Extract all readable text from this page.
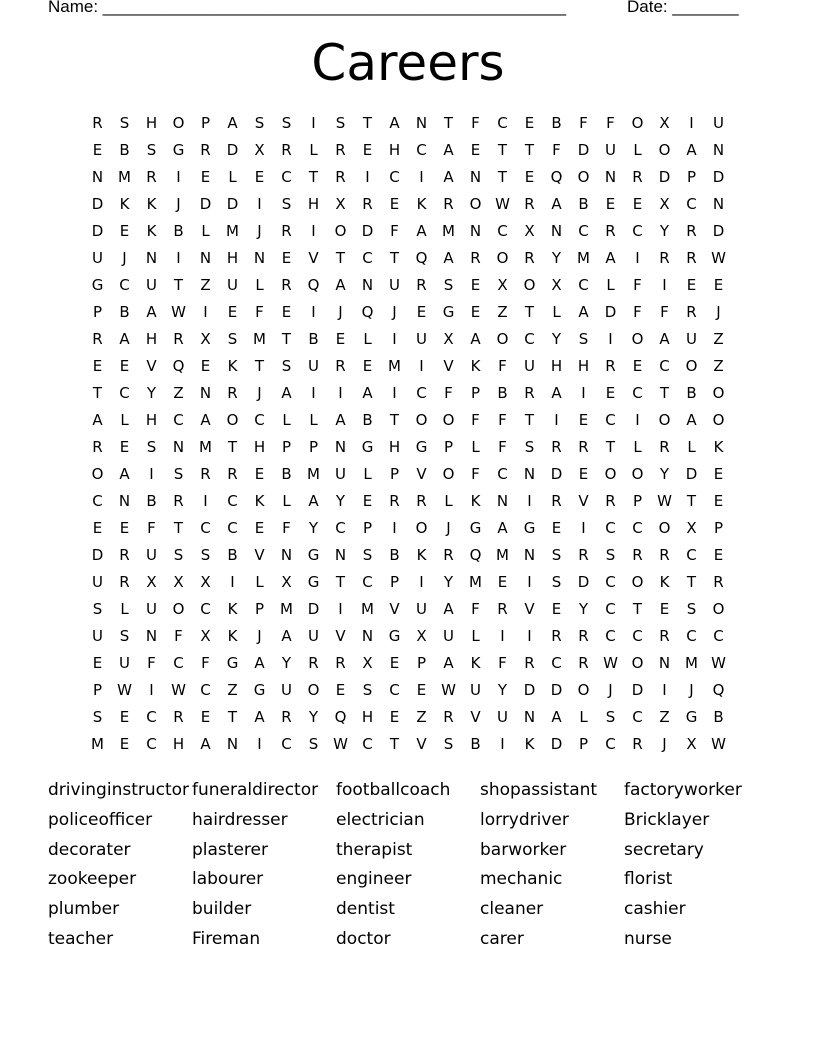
Name: _________________________________________________	Date: _______
Careers
R	S	H	O	P	A	S	S	I	S	T	A	N	T	F	C	E	B	F	F	O	X	I	U
E	B	S	G	R	D	X	R	L	R	E	H	C	A	E	T	T	F	D	U	L	O	A	N
N M	R	I	E	L	E	C	T	R	I	C	I	A	N	T	E	Q	O	N	R	D	P	D
D	K	K	J	D	D	I	S	H	X	R	E	K	R	O W R	A	B	E	E	X	C	N
D	E	K	B	L	M	J	R	I	O	D	F	A	M N	C	X	N	C	R	C	Y	R	D
U	J	N	I	N	H	N	E	V	T	C	T	Q	A	R	O	R	Y	M	A	I	R	R W
G	C	U	T	Z	U	L	R	Q	A	N	U	R	S	E	X	O	X	C	L	F	I	E	E
P	B	A W	I	E	F	E	I	J	Q	J	E	G	E	Z	T	L	A	D	F	F	R	J
R	A	H	R	X	S	M	T	B	E	L	I	U	X	A	O	C	Y	S	I	O	A	U	Z
E	E	V	Q	E	K	T	S	U	R	E	M	I	V	K	F	U	H	H	R	E	C	O	Z
T	C	Y	Z	N	R	J	A	I	I	A	I	C	F	P	B	R	A	I	E	C	T	B	O
A	L	H	C	A	O	C	L	L	A	B	T	O	O	F	F	T	I	E	C	I	O	A	O
R	E	S	N M	T	H	P	P	N	G	H	G	P	L	F	S	R	R	T	L	R	L	K
O	A	I	S	R	R	E	B	M	U	L	P	V	O	F	C	N	D	E	O	O	Y	D	E
C	N	B	R	I	C	K	L	A	Y	E	R	R	L	K	N	I	R	V	R	P	W T	E
E	E	F	T	C	C	E	F	Y	C	P	I	O	J	G	A	G	E	I	C	C	O	X	P
D	R	U	S	S	B	V	N	G	N	S	B	K	R	Q M N	S	R	S	R	R	C	E
U	R	X	X	X	I	L	X	G	T	C	P	I	Y	M	E	I	S	D	C	O	K	T	R
S	L	U	O	C	K	P	M D	I	M	V	U	A	F	R	V	E	Y	C	T	E	S	O
U	S	N	F	X	K	J	A	U	V	N	G	X	U	L	I	I	R	R	C	C	R	C	C
E	U	F	C	F	G	A	Y	R	R	X	E	P	A	K	F	R	C	R W O	N M W
P	W	I	W C	Z	G	U	O	E	S	C	E W U	Y	D	D	O	J	D	I	J	Q
S	E	C	R	E	T	A	R	Y	Q	H	E	Z	R	V	U	N	A	L	S	C	Z	G	B
M	E	C	H	A	N	I	C	S W C	T	V	S	B	I	K	D	P	C	R	J	X W
drivinginstructor funeraldirector	footballcoach	shopassistant	factoryworker
policeofficer	hairdresser	electrician	lorrydriver	Bricklayer
decorater	plasterer	therapist	barworker	secretary
zookeeper	labourer	engineer	mechanic	florist
plumber	builder	dentist	cleaner	cashier
teacher	Fireman	doctor	carer	nurse
